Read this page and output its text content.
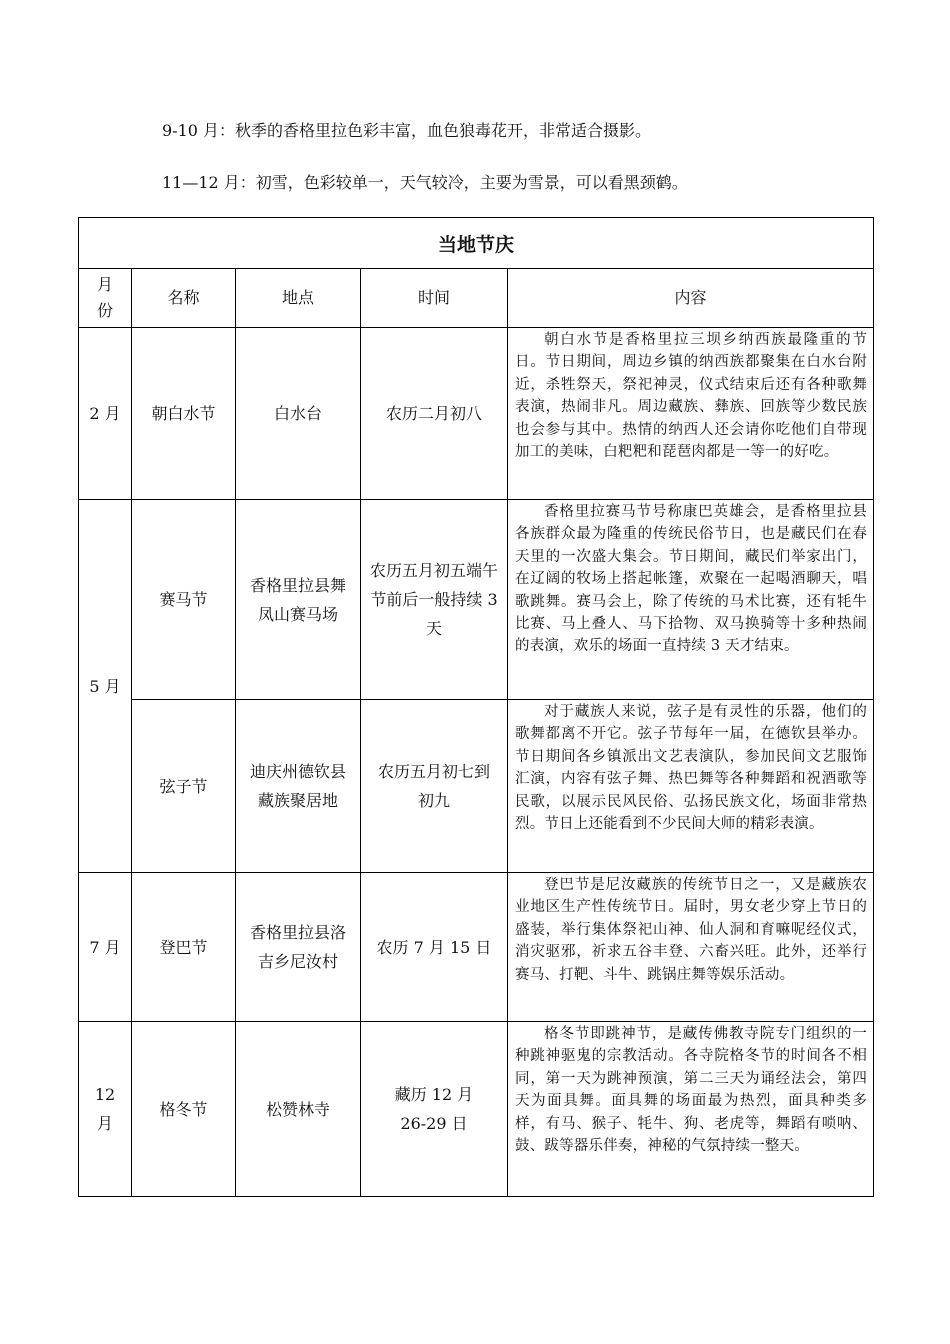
9-10 月：秋季的香格里拉色彩丰富，血色狼毒花开，非常适合摄影。
11—12 月：初雪，色彩较单一，天气较冷，主要为雪景，可以看黑颈鹤。
当地节庆				

月份	名称	地点	时间	内容
2 月	朝白水节	白水台	农历二月初八	朝白水节是香格里拉三坝乡纳西族最隆重的节日。节日期间，周边乡镇的纳西族都聚集在白水台附近，杀牲祭天，祭祀神灵，仪式结束后还有各种歌舞表演，热闹非凡。周边藏族、彝族、回族等少数民族也会参与其中。热情的纳西人还会请你吃他们自带现加工的美味，白粑粑和琵琶肉都是一等一的好吃。

5 月	赛马节	香格里拉县舞凤山赛马场	农历五月初五端午节前后一般持续 3 天	香格里拉赛马节号称康巴英雄会，是香格里拉县各族群众最为隆重的传统民俗节日，也是藏民们在春天里的一次盛大集会。节日期间，藏民们举家出门，在辽阔的牧场上搭起帐篷，欢聚在一起喝酒聊天，唱歌跳舞。赛马会上，除了传统的马术比赛，还有牦牛比赛、马上叠人、马下拾物、双马换骑等十多种热闹的表演，欢乐的场面一直持续 3 天才结束。

	弦子节	迪庆州德钦县藏族聚居地	农历五月初七到初九	对于藏族人来说，弦子是有灵性的乐器，他们的歌舞都离不开它。弦子节每年一届，在德钦县举办。节日期间各乡镇派出文艺表演队，参加民间文艺服饰汇演，内容有弦子舞、热巴舞等各种舞蹈和祝酒歌等民歌，以展示民风民俗、弘扬民族文化，场面非常热烈。节日上还能看到不少民间大师的精彩表演。

7 月	登巴节	香格里拉县洛吉乡尼汝村	农历 7 月 15 日	登巴节是尼汝藏族的传统节日之一，又是藏族农业地区生产性传统节日。届时，男女老少穿上节日的盛装，举行集体祭祀山神、仙人洞和育嘛呢经仪式，消灾驱邪，祈求五谷丰登、六畜兴旺。此外，还举行赛马、打靶、斗牛、跳锅庄舞等娱乐活动。

12 月	格冬节	松赞林寺	藏历 12 月 26-29 日	格冬节即跳神节，是藏传佛教寺院专门组织的一种跳神驱鬼的宗教活动。各寺院格冬节的时间各不相同，第一天为跳神预演，第二三天为诵经法会，第四天为面具舞。面具舞的场面最为热烈，面具种类多样，有马、猴子、牦牛、狗、老虎等，舞蹈有唢呐、鼓、跋等器乐伴奏，神秘的气氛持续一整天。
